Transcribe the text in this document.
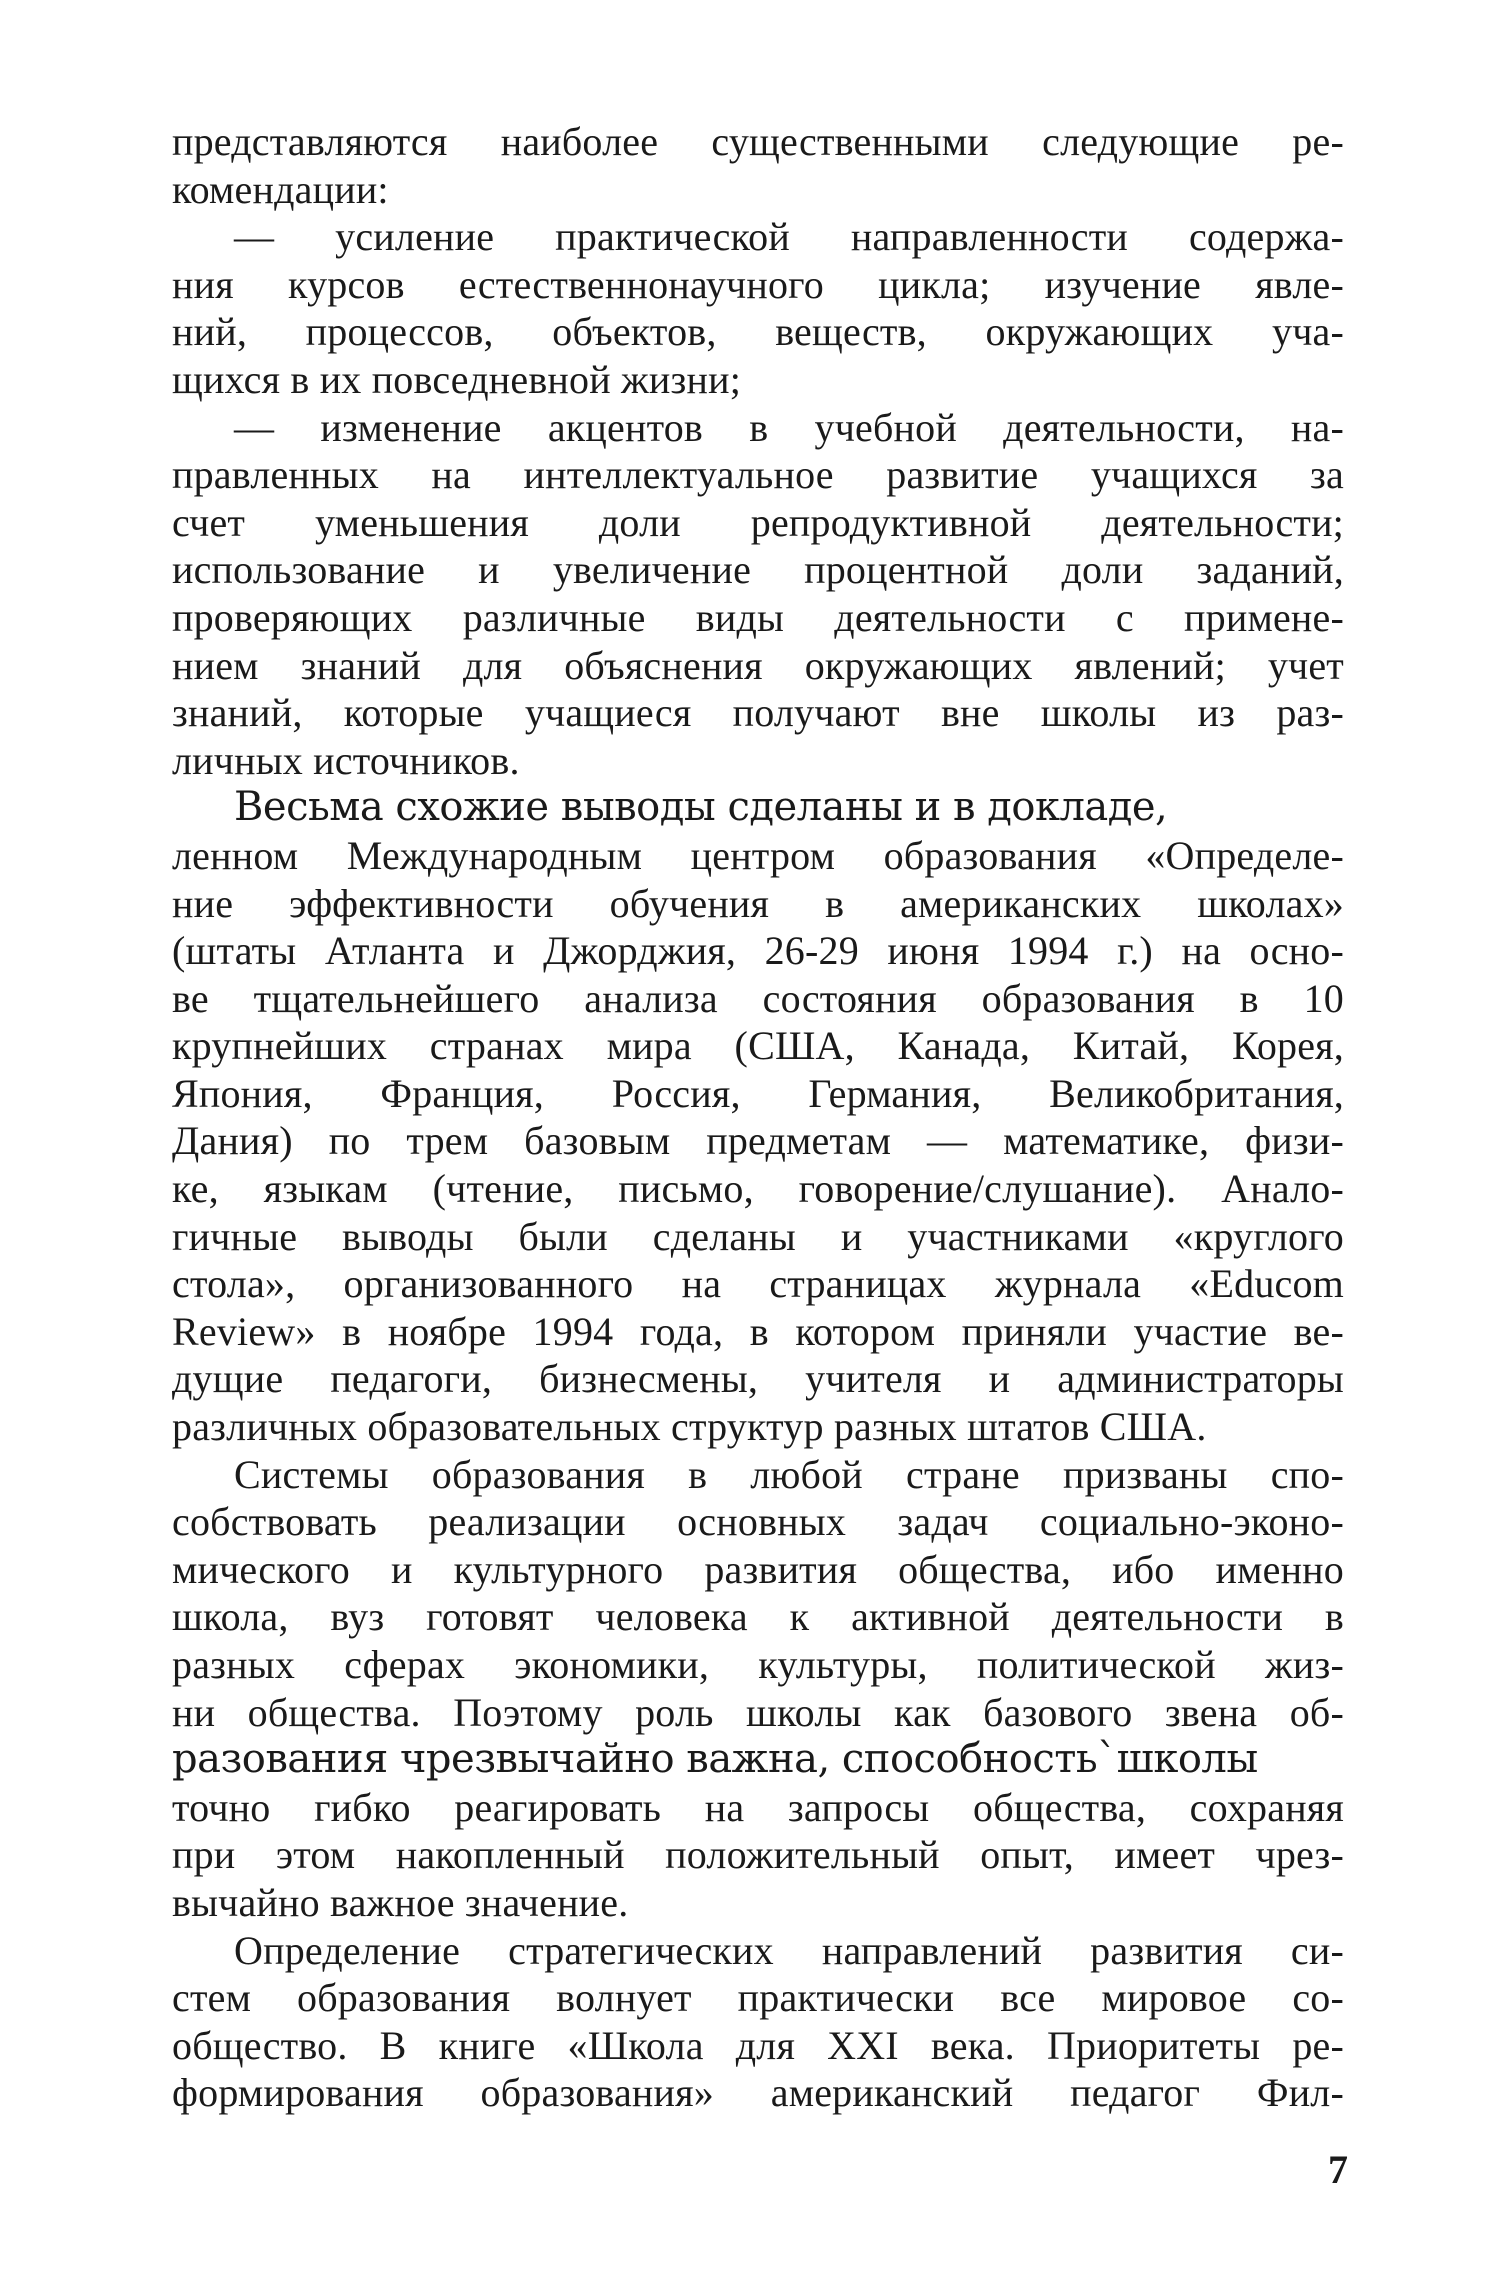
представляются наиболее существенными следующие ре-
комендации:
— усиление практической направленности содержа-
ния курсов естественнонаучного цикла; изучение явле-
ний, процессов, объектов, веществ, окружающих уча-
щихся в их повседневной жизни;
— изменение акцентов в учебной деятельности, на-
правленных на интеллектуальное развитие учащихся за
счет уменьшения доли репродуктивной деятельности;
использование и увеличение процентной доли заданий,
проверяющих различные виды деятельности с примене-
нием знаний для объяснения окружающих явлений; учет
знаний, которые учащиеся получают вне школы из раз-
личных источников.
Весьма схожие выводы сделаны и в докладе,
ленном Международным центром образования «Определе-
ние эффективности обучения в американских школах»
(штаты Атланта и Джорджия, 26-29 июня 1994 г.) на осно-
ве тщательнейшего анализа состояния образования в 10
крупнейших странах мира (США, Канада, Китай, Корея,
Япония, Франция, Россия, Германия, Великобритания,
Дания) по трем базовым предметам — математике, физи-
ке, языкам (чтение, письмо, говорение/слушание). Анало-
гичные выводы были сделаны и участниками «круглого
стола», организованного на страницах журнала «Educom
Review» в ноябре 1994 года, в котором приняли участие ве-
дущие педагоги, бизнесмены, учителя и администраторы
различных образовательных структур разных штатов США.
Системы образования в любой стране призваны спо-
собствовать реализации основных задач социально-эконо-
мического и культурного развития общества, ибо именно
школа, вуз готовят человека к активной деятельности в
разных сферах экономики, культуры, политической жиз-
ни общества. Поэтому роль школы как базового звена об-
разования чрезвычайно важна, способность`школы
точно гибко реагировать на запросы общества, сохраняя
при этом накопленный положительный опыт, имеет чрез-
вычайно важное значение.
Определение стратегических направлений развития си-
стем образования волнует практически все мировое со-
общество. В книге «Школа для XXI века. Приоритеты ре-
формирования образования» американский педагог Фил-
7
